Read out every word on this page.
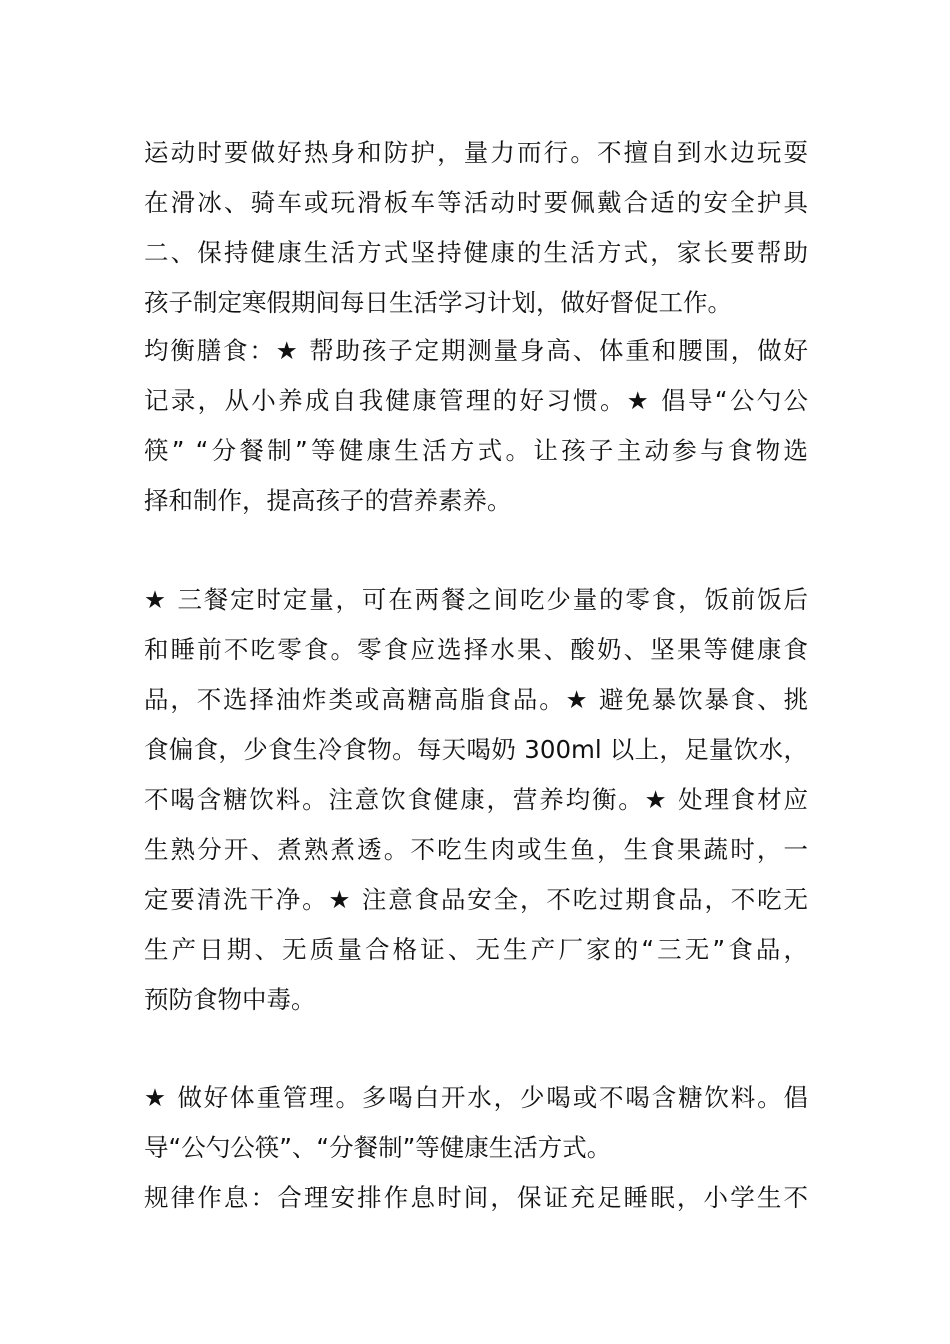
运动时要做好热身和防护，量力而行。不擅自到水边玩耍
在滑冰、骑车或玩滑板车等活动时要佩戴合适的安全护具
二、保持健康生活方式坚持健康的生活方式，家长要帮助
孩子制定寒假期间每日生活学习计划，做好督促工作。
均衡膳食：★ 帮助孩子定期测量身高、体重和腰围，做好
记录，从小养成自我健康管理的好习惯。★ 倡导“公勺公
筷” “分餐制”等健康生活方式。让孩子主动参与食物选
择和制作，提高孩子的营养素养。
★ 三餐定时定量，可在两餐之间吃少量的零食，饭前饭后
和睡前不吃零食。零食应选择水果、酸奶、坚果等健康食
品，不选择油炸类或高糖高脂食品。★ 避免暴饮暴食、挑
食偏食，少食生冷食物。每天喝奶 300ml 以上，足量饮水，
不喝含糖饮料。注意饮食健康，营养均衡。★ 处理食材应
生熟分开、煮熟煮透。不吃生肉或生鱼，生食果蔬时，一
定要清洗干净。★ 注意食品安全，不吃过期食品，不吃无
生产日期、无质量合格证、无生产厂家的“三无”食品，
预防食物中毒。
★ 做好体重管理。多喝白开水，少喝或不喝含糖饮料。倡
导“公勺公筷”、“分餐制”等健康生活方式。
规律作息：合理安排作息时间，保证充足睡眠，小学生不
